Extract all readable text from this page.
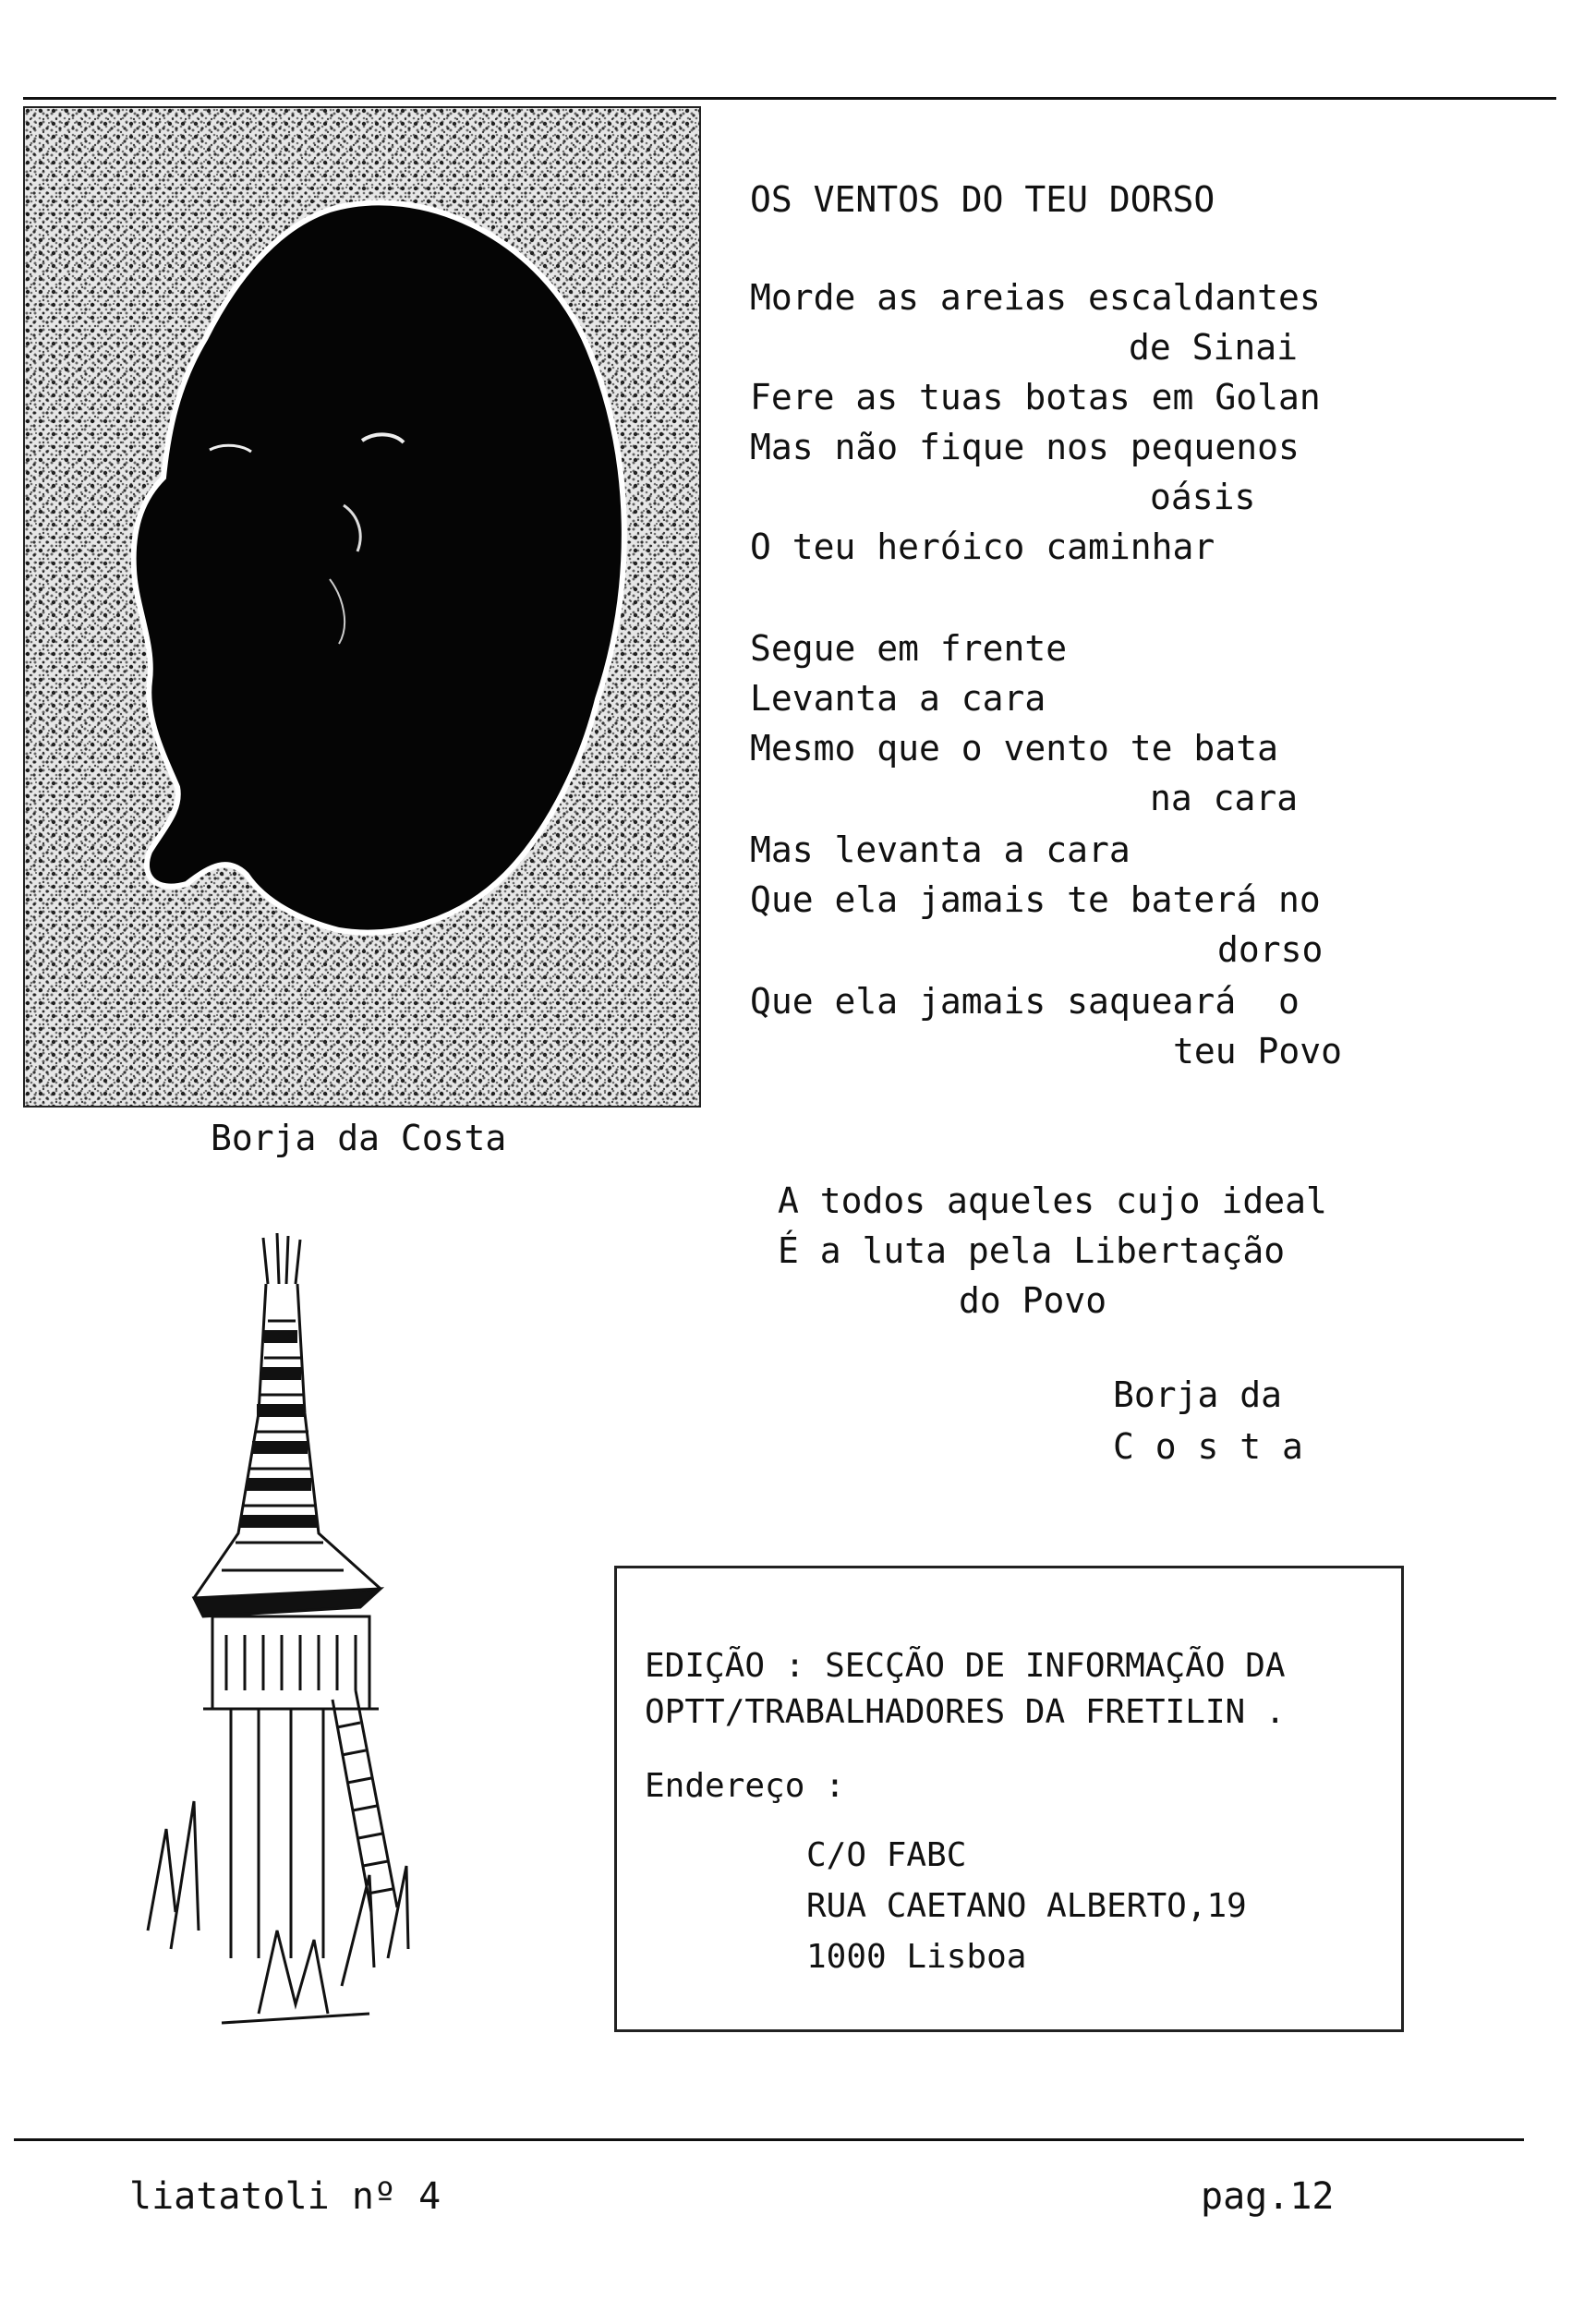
Borja da Costa
OS VENTOS DO TEU DORSO
Morde as areias escaldantes
de Sinai
Fere as tuas botas em Golan
Mas não fique nos pequenos
oásis
O teu heróico caminhar
Segue em frente
Levanta a cara
Mesmo que o vento te bata
na cara
Mas levanta a cara
Que ela jamais te baterá no
dorso
Que ela jamais saqueará  o
teu Povo
A todos aqueles cujo ideal
É a luta pela Libertação
do Povo
Borja da
C o s t a
EDIÇÃO : SECÇÃO DE INFORMAÇÃO DA
OPTT/TRABALHADORES DA FRETILIN .
Endereço :
C/O FABC
RUA CAETANO ALBERTO,19
1000 Lisboa
liatatoli nº 4	pag.12
